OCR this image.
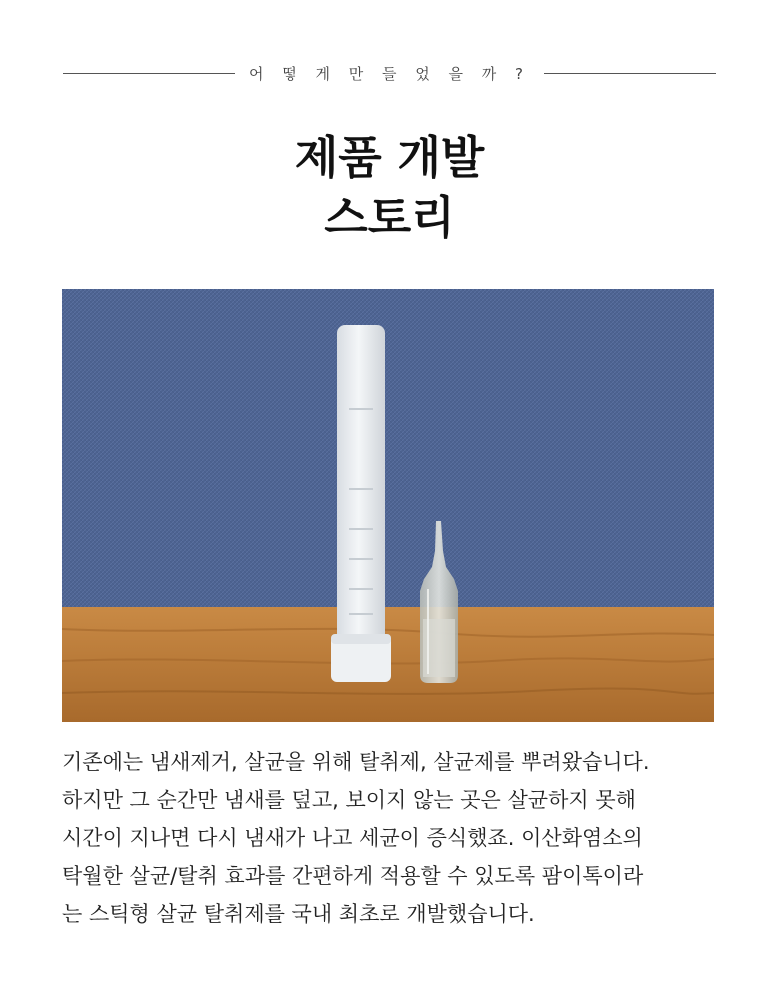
어 떻 게 만 들 었 을 까 ?
제품 개발
스토리
기존에는 냄새제거, 살균을 위해 탈취제, 살균제를 뿌려왔습니다.
하지만 그 순간만 냄새를 덮고, 보이지 않는 곳은 살균하지 못해
시간이 지나면 다시 냄새가 나고 세균이 증식했죠. 이산화염소의
탁월한 살균/탈취 효과를 간편하게 적용할 수 있도록 팜이톡이라
는 스틱형 살균 탈취제를 국내 최초로 개발했습니다.
